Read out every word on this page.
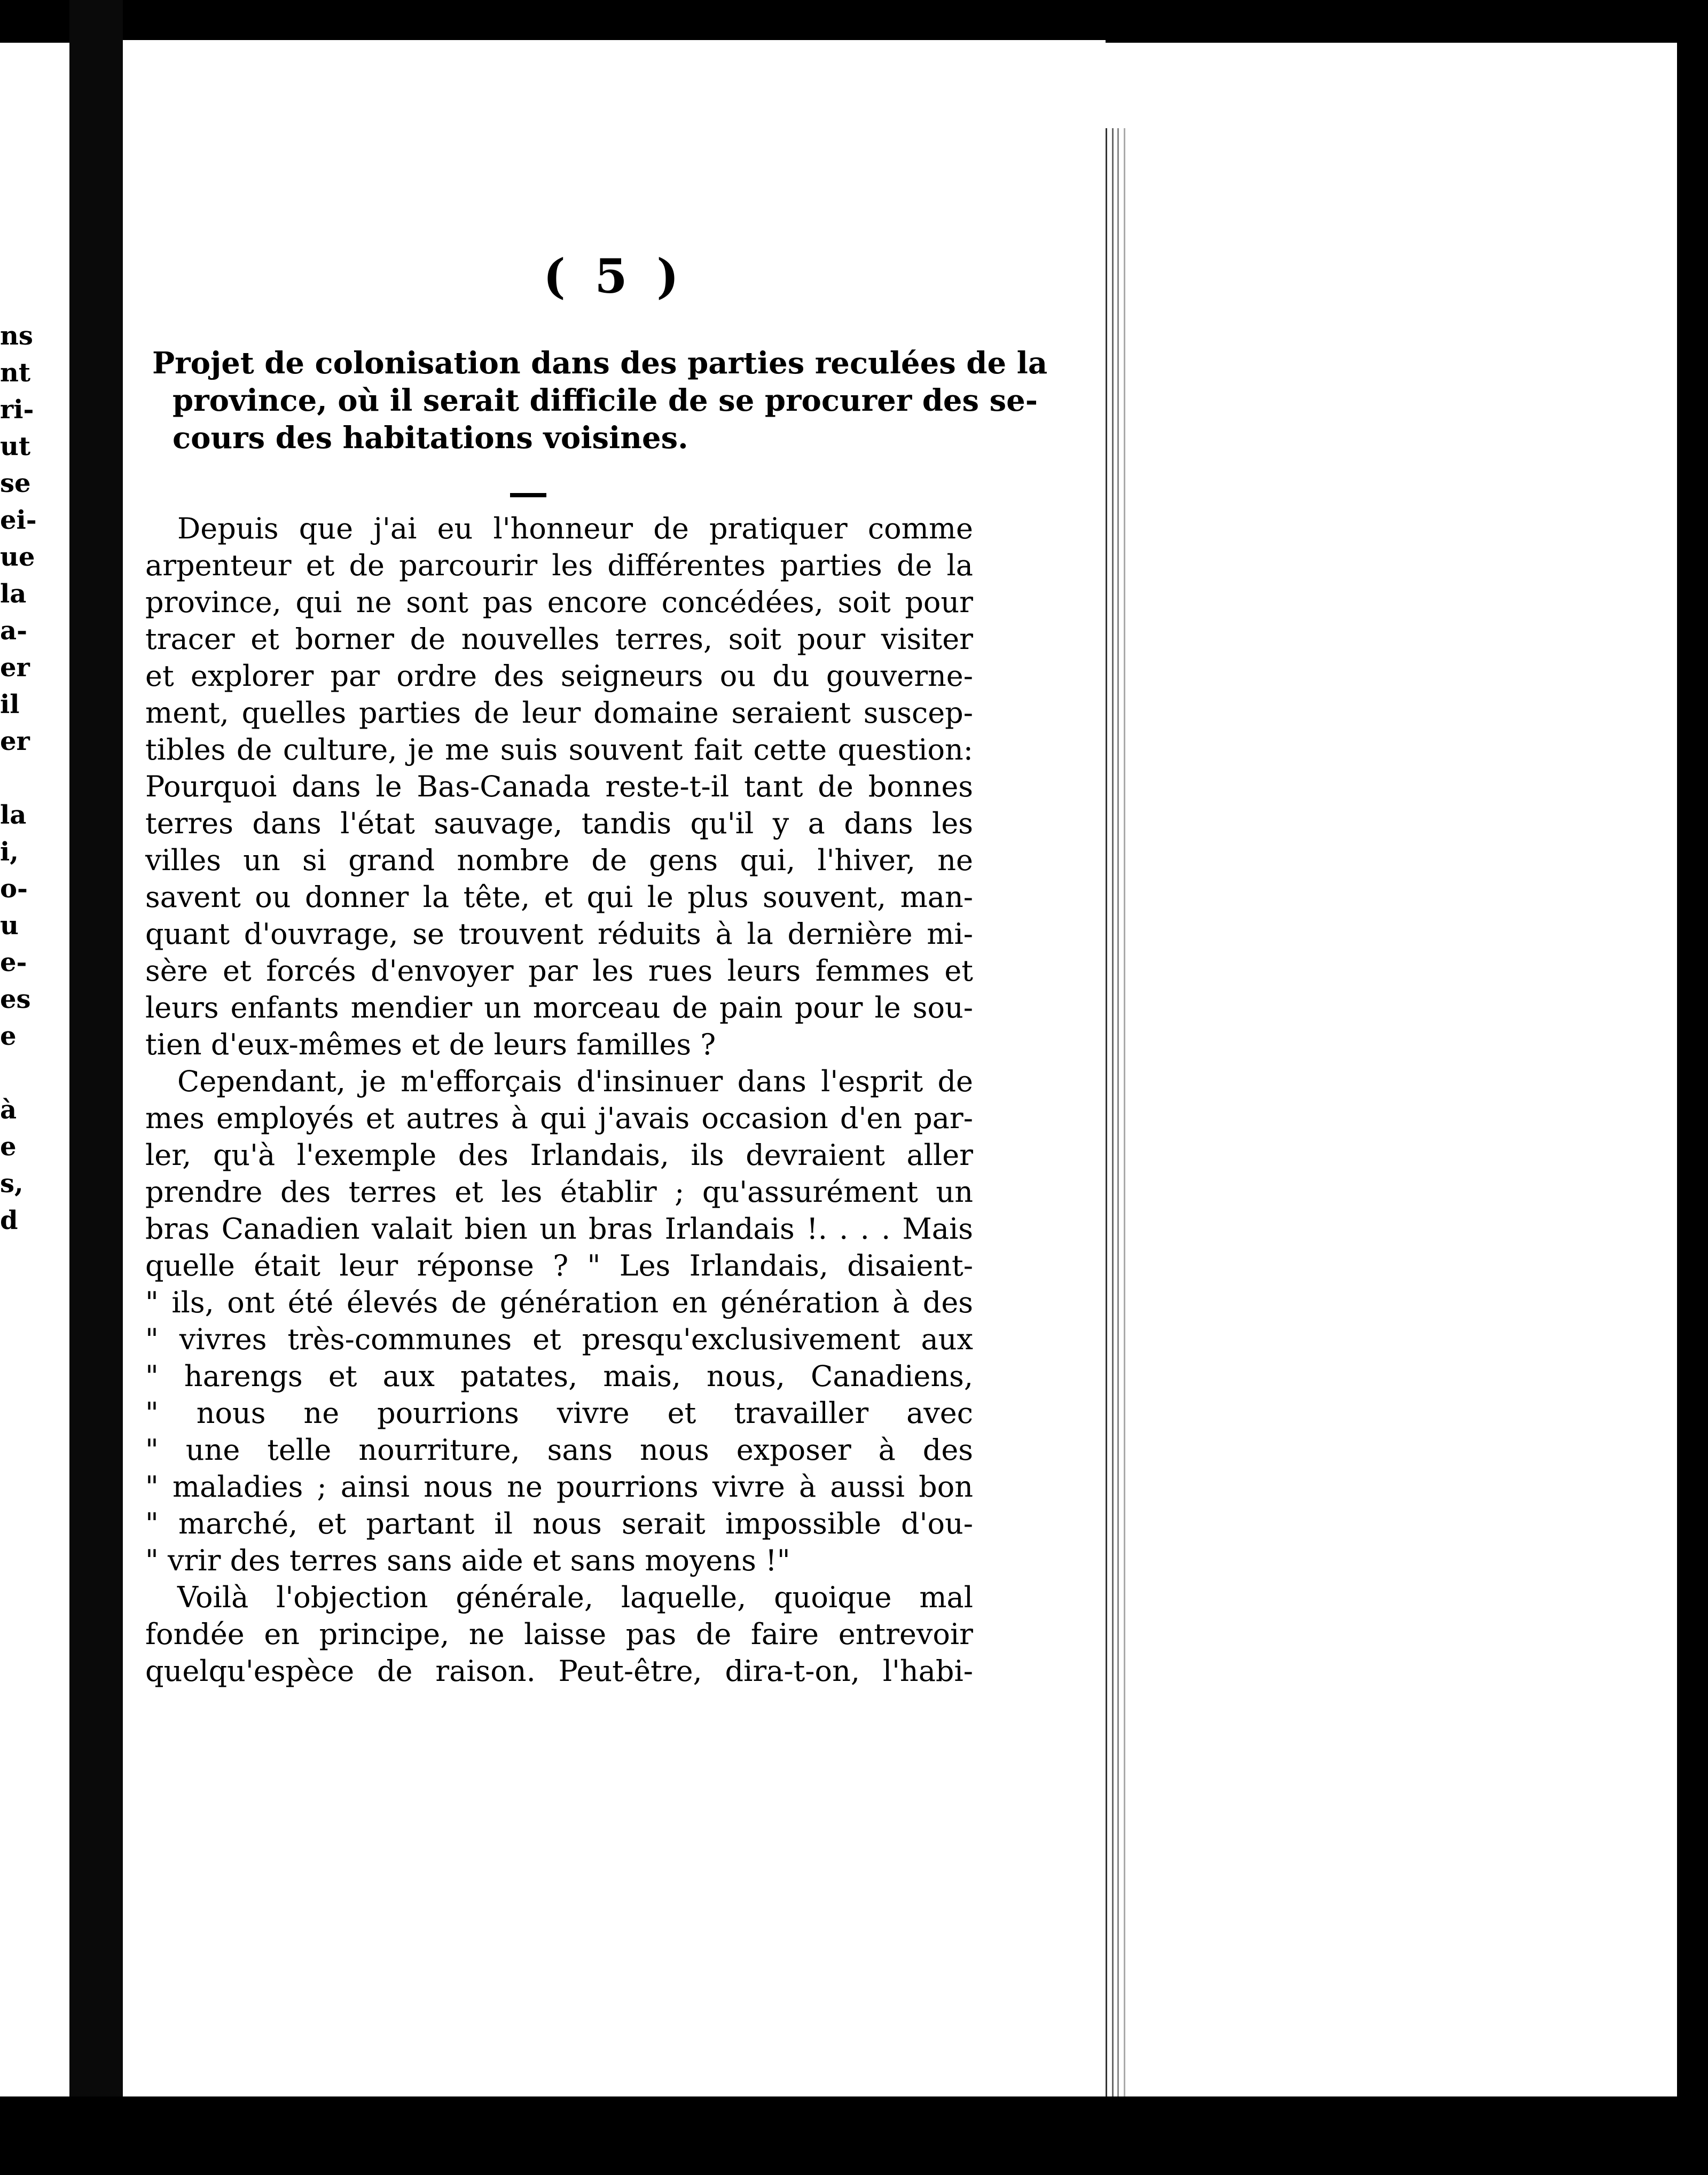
ns
nt
ri-
ut
se
ei-
ue
la
a-
er
il
er
la
i,
o-
u
e-
es
e
à
e
s,
d
( 5 )
Projet de colonisation dans des parties reculées de la
province, où il serait difficile de se procurer des se-
cours des habitations voisines.
Depuis que j'ai eu l'honneur de pratiquer comme
arpenteur et de parcourir les différentes parties de la
province, qui ne sont pas encore concédées, soit pour
tracer et borner de nouvelles terres, soit pour visiter
et explorer par ordre des seigneurs ou du gouverne-
ment, quelles parties de leur domaine seraient suscep-
tibles de culture, je me suis souvent fait cette question:
Pourquoi dans le Bas-Canada reste-t-il tant de bonnes
terres dans l'état sauvage, tandis qu'il y a dans les
villes un si grand nombre de gens qui, l'hiver, ne
savent ou donner la tête, et qui le plus souvent, man-
quant d'ouvrage, se trouvent réduits à la dernière mi-
sère et forcés d'envoyer par les rues leurs femmes et
leurs enfants mendier un morceau de pain pour le sou-
tien d'eux-mêmes et de leurs familles ?
Cependant, je m'efforçais d'insinuer dans l'esprit de
mes employés et autres à qui j'avais occasion d'en par-
ler, qu'à l'exemple des Irlandais, ils devraient aller
prendre des terres et les établir ; qu'assurément un
bras Canadien valait bien un bras Irlandais !. . . . Mais
quelle était leur réponse ? " Les Irlandais, disaient-
" ils, ont été élevés de génération en génération à des
" vivres très-communes et presqu'exclusivement aux
" harengs et aux patates, mais, nous, Canadiens,
" nous ne pourrions vivre et travailler avec
" une telle nourriture, sans nous exposer à des
" maladies ; ainsi nous ne pourrions vivre à aussi bon
" marché, et partant il nous serait impossible d'ou-
" vrir des terres sans aide et sans moyens !"
Voilà l'objection générale, laquelle, quoique mal
fondée en principe, ne laisse pas de faire entrevoir
quelqu'espèce de raison. Peut-être, dira-t-on, l'habi-
